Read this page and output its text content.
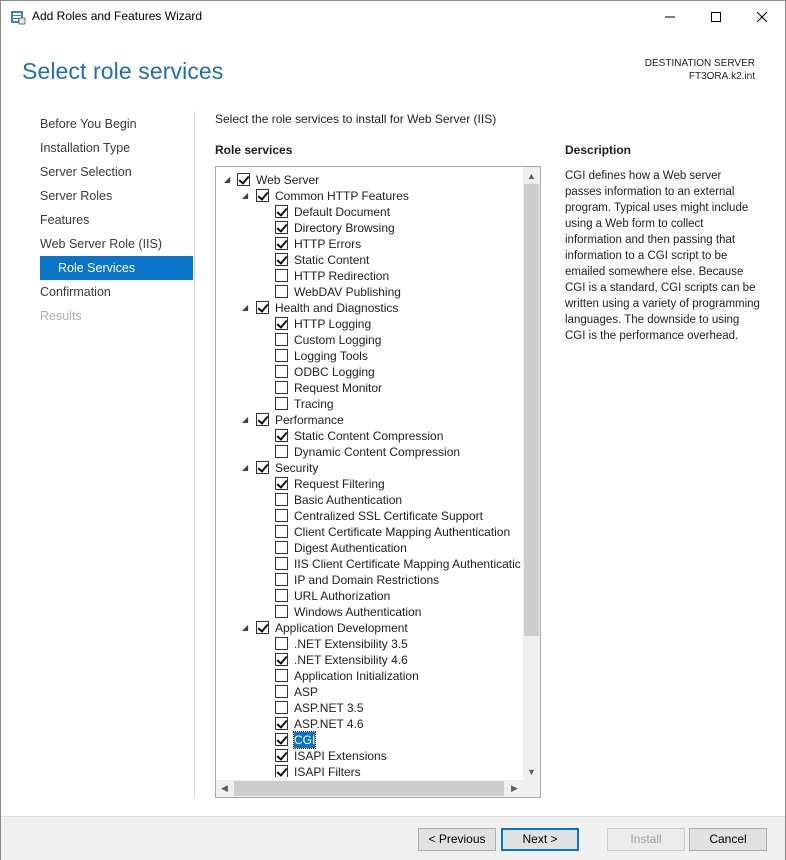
Add Roles and Features Wizard
Select role services	DESTINATION SERVER
FT3ORA.k2.int
Before You Begin
Installation Type
Server Selection
Server Roles
Features
Web Server Role (IIS)
Role Services
Confirmation
Results
Select the role services to install for Web Server (IIS)
Role services	Description
CGI defines how a Web server passes information to an external program. Typical uses might include using a Web form to collect information and then passing that information to a CGI script to be emailed somewhere else. Because CGI is a standard, CGI scripts can be written using a variety of programming languages. The downside to using CGI is the performance overhead.
◢	Web Server
◢	Common HTTP Features
Default Document
Directory Browsing
HTTP Errors
Static Content
HTTP Redirection
WebDAV Publishing
◢	Health and Diagnostics
HTTP Logging
Custom Logging
Logging Tools
ODBC Logging
Request Monitor
Tracing
◢	Performance
Static Content Compression
Dynamic Content Compression
◢	Security
Request Filtering
Basic Authentication
Centralized SSL Certificate Support
Client Certificate Mapping Authentication
Digest Authentication
IIS Client Certificate Mapping Authenticatic
IP and Domain Restrictions
URL Authorization
Windows Authentication
◢	Application Development
.NET Extensibility 3.5
.NET Extensibility 4.6
Application Initialization
ASP
ASP.NET 3.5
ASP.NET 4.6
CGI
ISAPI Extensions
ISAPI Filters
▲
▼
◀	▶
< Previous	Next >	Install	Cancel
